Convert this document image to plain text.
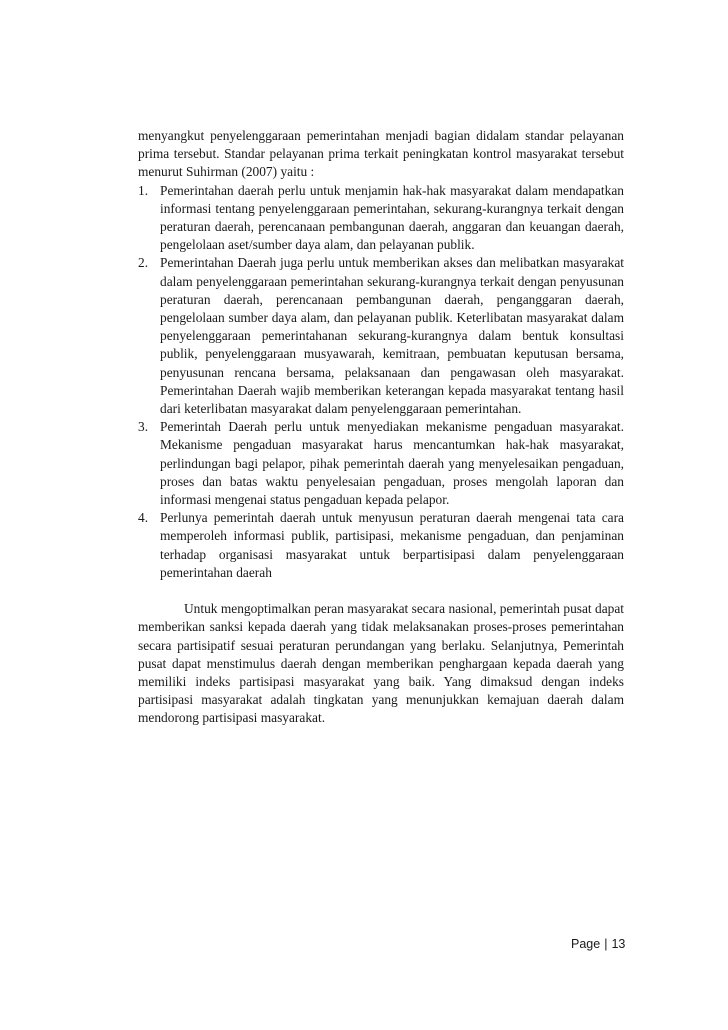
menyangkut penyelenggaraan pemerintahan menjadi bagian didalam standar pelayanan prima tersebut. Standar pelayanan prima terkait peningkatan kontrol masyarakat tersebut menurut Suhirman (2007) yaitu :

1. Pemerintahan daerah perlu untuk menjamin hak-hak masyarakat dalam mendapatkan informasi tentang penyelenggaraan pemerintahan, sekurang-kurangnya terkait dengan peraturan daerah, perencanaan pembangunan daerah, anggaran dan keuangan daerah, pengelolaan aset/sumber daya alam, dan pelayanan publik.
2. Pemerintahan Daerah juga perlu untuk memberikan akses dan melibatkan masyarakat dalam penyelenggaraan pemerintahan sekurang-kurangnya terkait dengan penyusunan peraturan daerah, perencanaan pembangunan daerah, penganggaran daerah, pengelolaan sumber daya alam, dan pelayanan publik. Keterlibatan masyarakat dalam penyelenggaraan pemerintahanan sekurang-kurangnya dalam bentuk konsultasi publik, penyelenggaraan musyawarah, kemitraan, pembuatan keputusan bersama, penyusunan rencana bersama, pelaksanaan dan pengawasan oleh masyarakat. Pemerintahan Daerah wajib memberikan keterangan kepada masyarakat tentang hasil dari keterlibatan masyarakat dalam penyelenggaraan pemerintahan.
3. Pemerintah Daerah perlu untuk menyediakan mekanisme pengaduan masyarakat. Mekanisme pengaduan masyarakat harus mencantumkan hak-hak masyarakat, perlindungan bagi pelapor, pihak pemerintah daerah yang menyelesaikan pengaduan, proses dan batas waktu penyelesaian pengaduan, proses mengolah laporan dan informasi mengenai status pengaduan kepada pelapor.
4. Perlunya pemerintah daerah untuk menyusun peraturan daerah mengenai tata cara memperoleh informasi publik, partisipasi, mekanisme pengaduan, dan penjaminan terhadap organisasi masyarakat untuk berpartisipasi dalam penyelenggaraan pemerintahan daerah

Untuk mengoptimalkan peran masyarakat secara nasional, pemerintah pusat dapat memberikan sanksi kepada daerah yang tidak melaksanakan proses-proses pemerintahan secara partisipatif sesuai peraturan perundangan yang berlaku. Selanjutnya, Pemerintah pusat dapat menstimulus daerah dengan memberikan penghargaan kepada daerah yang memiliki indeks partisipasi masyarakat yang baik. Yang dimaksud dengan indeks partisipasi masyarakat adalah tingkatan yang menunjukkan kemajuan daerah dalam mendorong partisipasi masyarakat.

Page | 13
